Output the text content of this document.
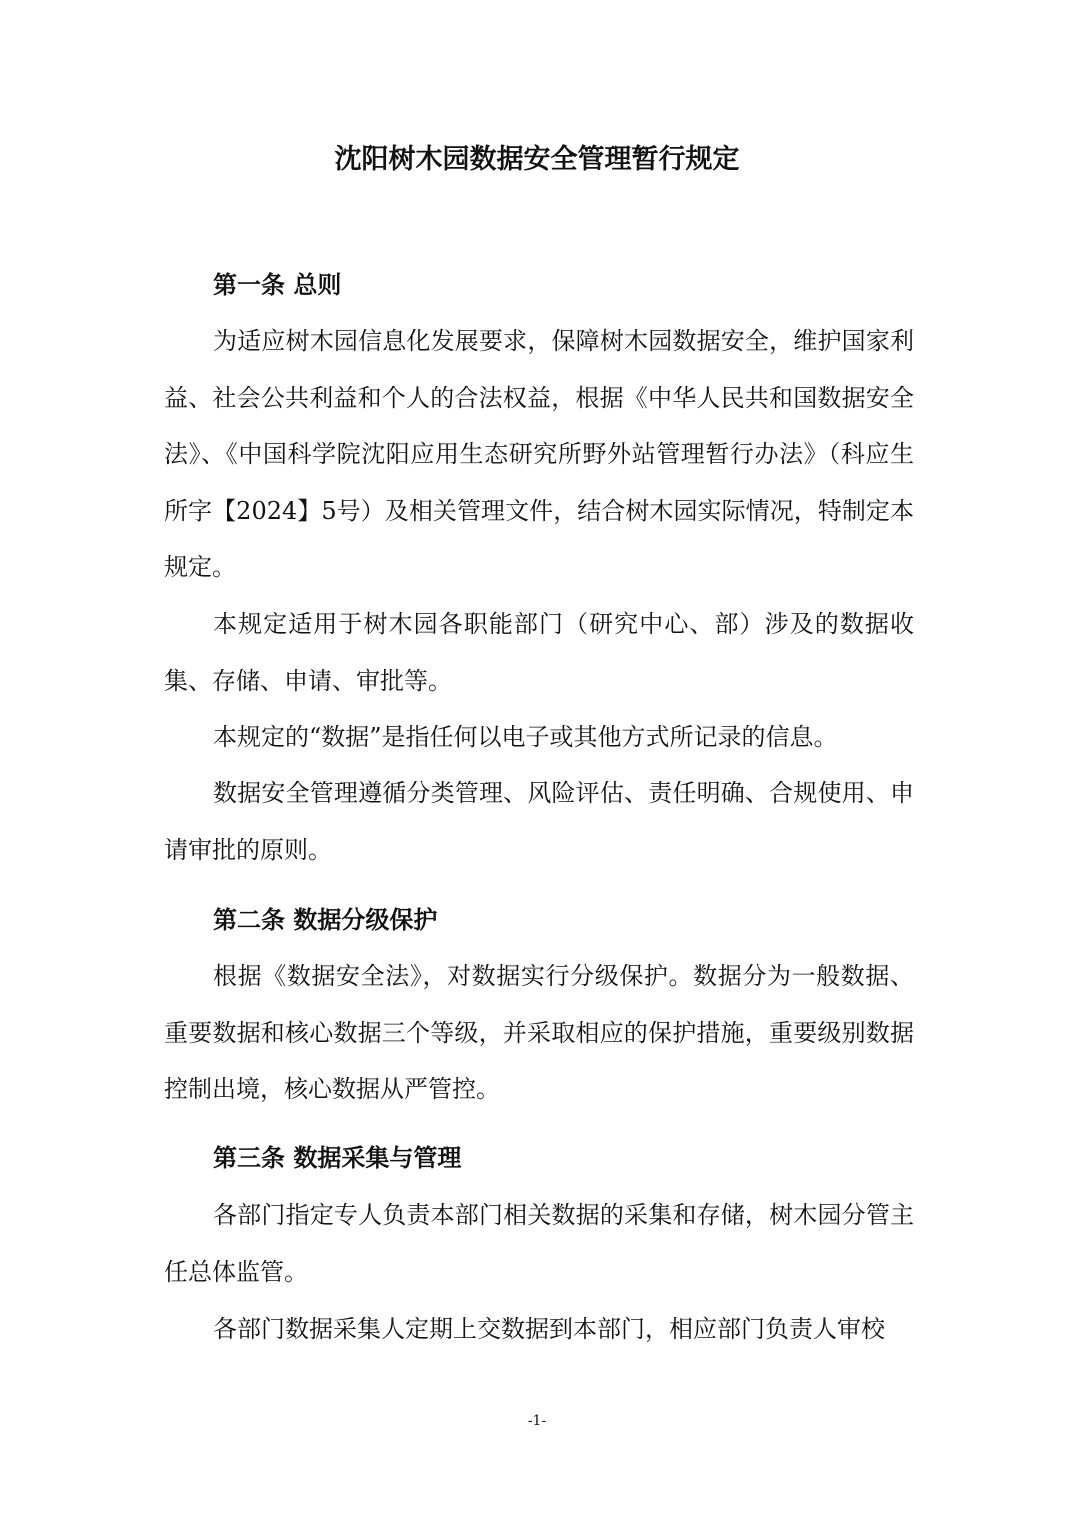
沈阳树木园数据安全管理暂行规定
第一条 总则

为适应树木园信息化发展要求，保障树木园数据安全，维护国家利益、社会公共利益和个人的合法权益，根据《中华人民共和国数据安全法》、《中国科学院沈阳应用生态研究所野外站管理暂行办法》（科应生所字【2024】5号）及相关管理文件，结合树木园实际情况，特制定本规定。

本规定适用于树木园各职能部门（研究中心、部）涉及的数据收集、存储、申请、审批等。

本规定的“数据”是指任何以电子或其他方式所记录的信息。

数据安全管理遵循分类管理、风险评估、责任明确、合规使用、申请审批的原则。

第二条 数据分级保护

根据《数据安全法》，对数据实行分级保护。数据分为一般数据、重要数据和核心数据三个等级，并采取相应的保护措施，重要级别数据控制出境，核心数据从严管控。

第三条 数据采集与管理

各部门指定专人负责本部门相关数据的采集和存储，树木园分管主任总体监管。

各部门数据采集人定期上交数据到本部门，相应部门负责人审校

-1-
